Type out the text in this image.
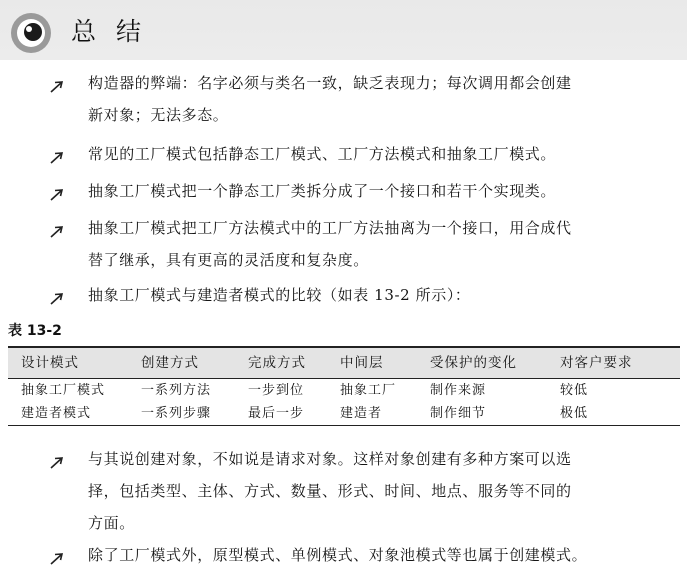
总 结
构造器的弊端：名字必须与类名一致，缺乏表现力；每次调用都会创建
新对象；无法多态。
常见的工厂模式包括静态工厂模式、工厂方法模式和抽象工厂模式。
抽象工厂模式把一个静态工厂类拆分成了一个接口和若干个实现类。
抽象工厂模式把工厂方法模式中的工厂方法抽离为一个接口，用合成代
替了继承，具有更高的灵活度和复杂度。
抽象工厂模式与建造者模式的比较（如表 13-2 所示）：
表 13-2
设计模式	创建方式	完成方式	中间层	受保护的变化	对客户要求
抽象工厂模式	一系列方法	一步到位	抽象工厂	制作来源	较低
建造者模式	一系列步骤	最后一步	建造者	制作细节	极低
与其说创建对象，不如说是请求对象。这样对象创建有多种方案可以选
择，包括类型、主体、方式、数量、形式、时间、地点、服务等不同的
方面。
除了工厂模式外，原型模式、单例模式、对象池模式等也属于创建模式。
